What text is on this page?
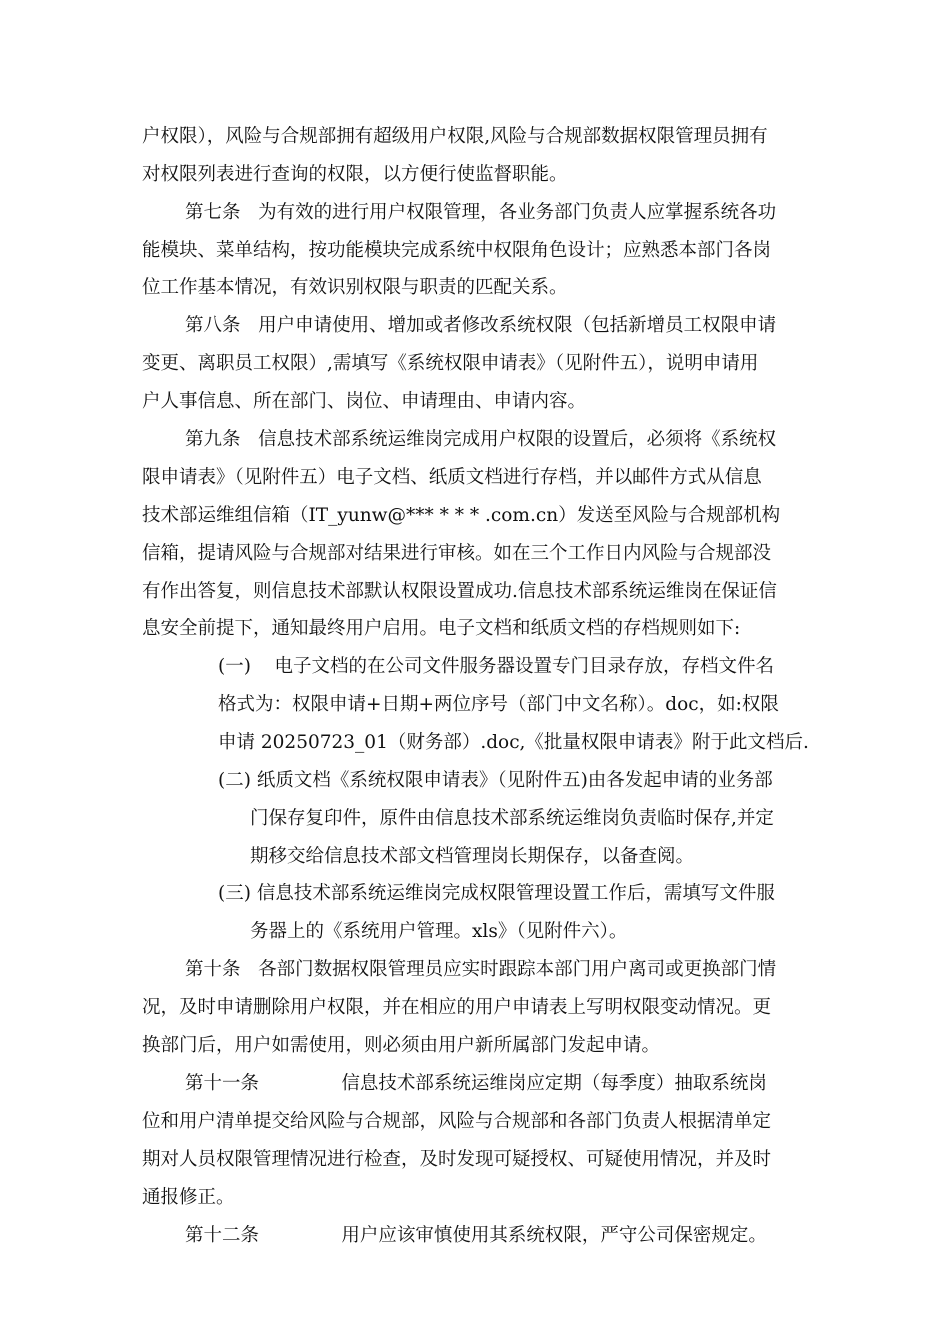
户权限），风险与合规部拥有超级用户权限,风险与合规部数据权限管理员拥有
对权限列表进行查询的权限，以方便行使监督职能。
第七条   为有效的进行用户权限管理，各业务部门负责人应掌握系统各功
能模块、菜单结构，按功能模块完成系统中权限角色设计；应熟悉本部门各岗
位工作基本情况，有效识别权限与职责的匹配关系。
第八条   用户申请使用、增加或者修改系统权限（包括新增员工权限申请
变更、离职员工权限）,需填写《系统权限申请表》（见附件五），说明申请用
户人事信息、所在部门、岗位、申请理由、申请内容。
第九条   信息技术部系统运维岗完成用户权限的设置后，必须将《系统权
限申请表》（见附件五）电子文档、纸质文档进行存档，并以邮件方式从信息
技术部运维组信箱（IT_yunw@*** * * * .com.cn）发送至风险与合规部机构
信箱，提请风险与合规部对结果进行审核。如在三个工作日内风险与合规部没
有作出答复，则信息技术部默认权限设置成功.信息技术部系统运维岗在保证信
息安全前提下，通知最终用户启用。电子文档和纸质文档的存档规则如下:
(一)    电子文档的在公司文件服务器设置专门目录存放，存档文件名
格式为：权限申请+日期+两位序号（部门中文名称）。doc，如:权限
申请 20250723_01（财务部）.doc,《批量权限申请表》附于此文档后.
(二) 纸质文档《系统权限申请表》（见附件五)由各发起申请的业务部
门保存复印件，原件由信息技术部系统运维岗负责临时保存,并定
期移交给信息技术部文档管理岗长期保存，以备查阅。
(三) 信息技术部系统运维岗完成权限管理设置工作后，需填写文件服
务器上的《系统用户管理。xls》（见附件六）。
第十条   各部门数据权限管理员应实时跟踪本部门用户离司或更换部门情
况，及时申请删除用户权限，并在相应的用户申请表上写明权限变动情况。更
换部门后，用户如需使用，则必须由用户新所属部门发起申请。
第十一条              信息技术部系统运维岗应定期（每季度）抽取系统岗
位和用户清单提交给风险与合规部，风险与合规部和各部门负责人根据清单定
期对人员权限管理情况进行检查，及时发现可疑授权、可疑使用情况，并及时
通报修正。
第十二条              用户应该审慎使用其系统权限，严守公司保密规定。
